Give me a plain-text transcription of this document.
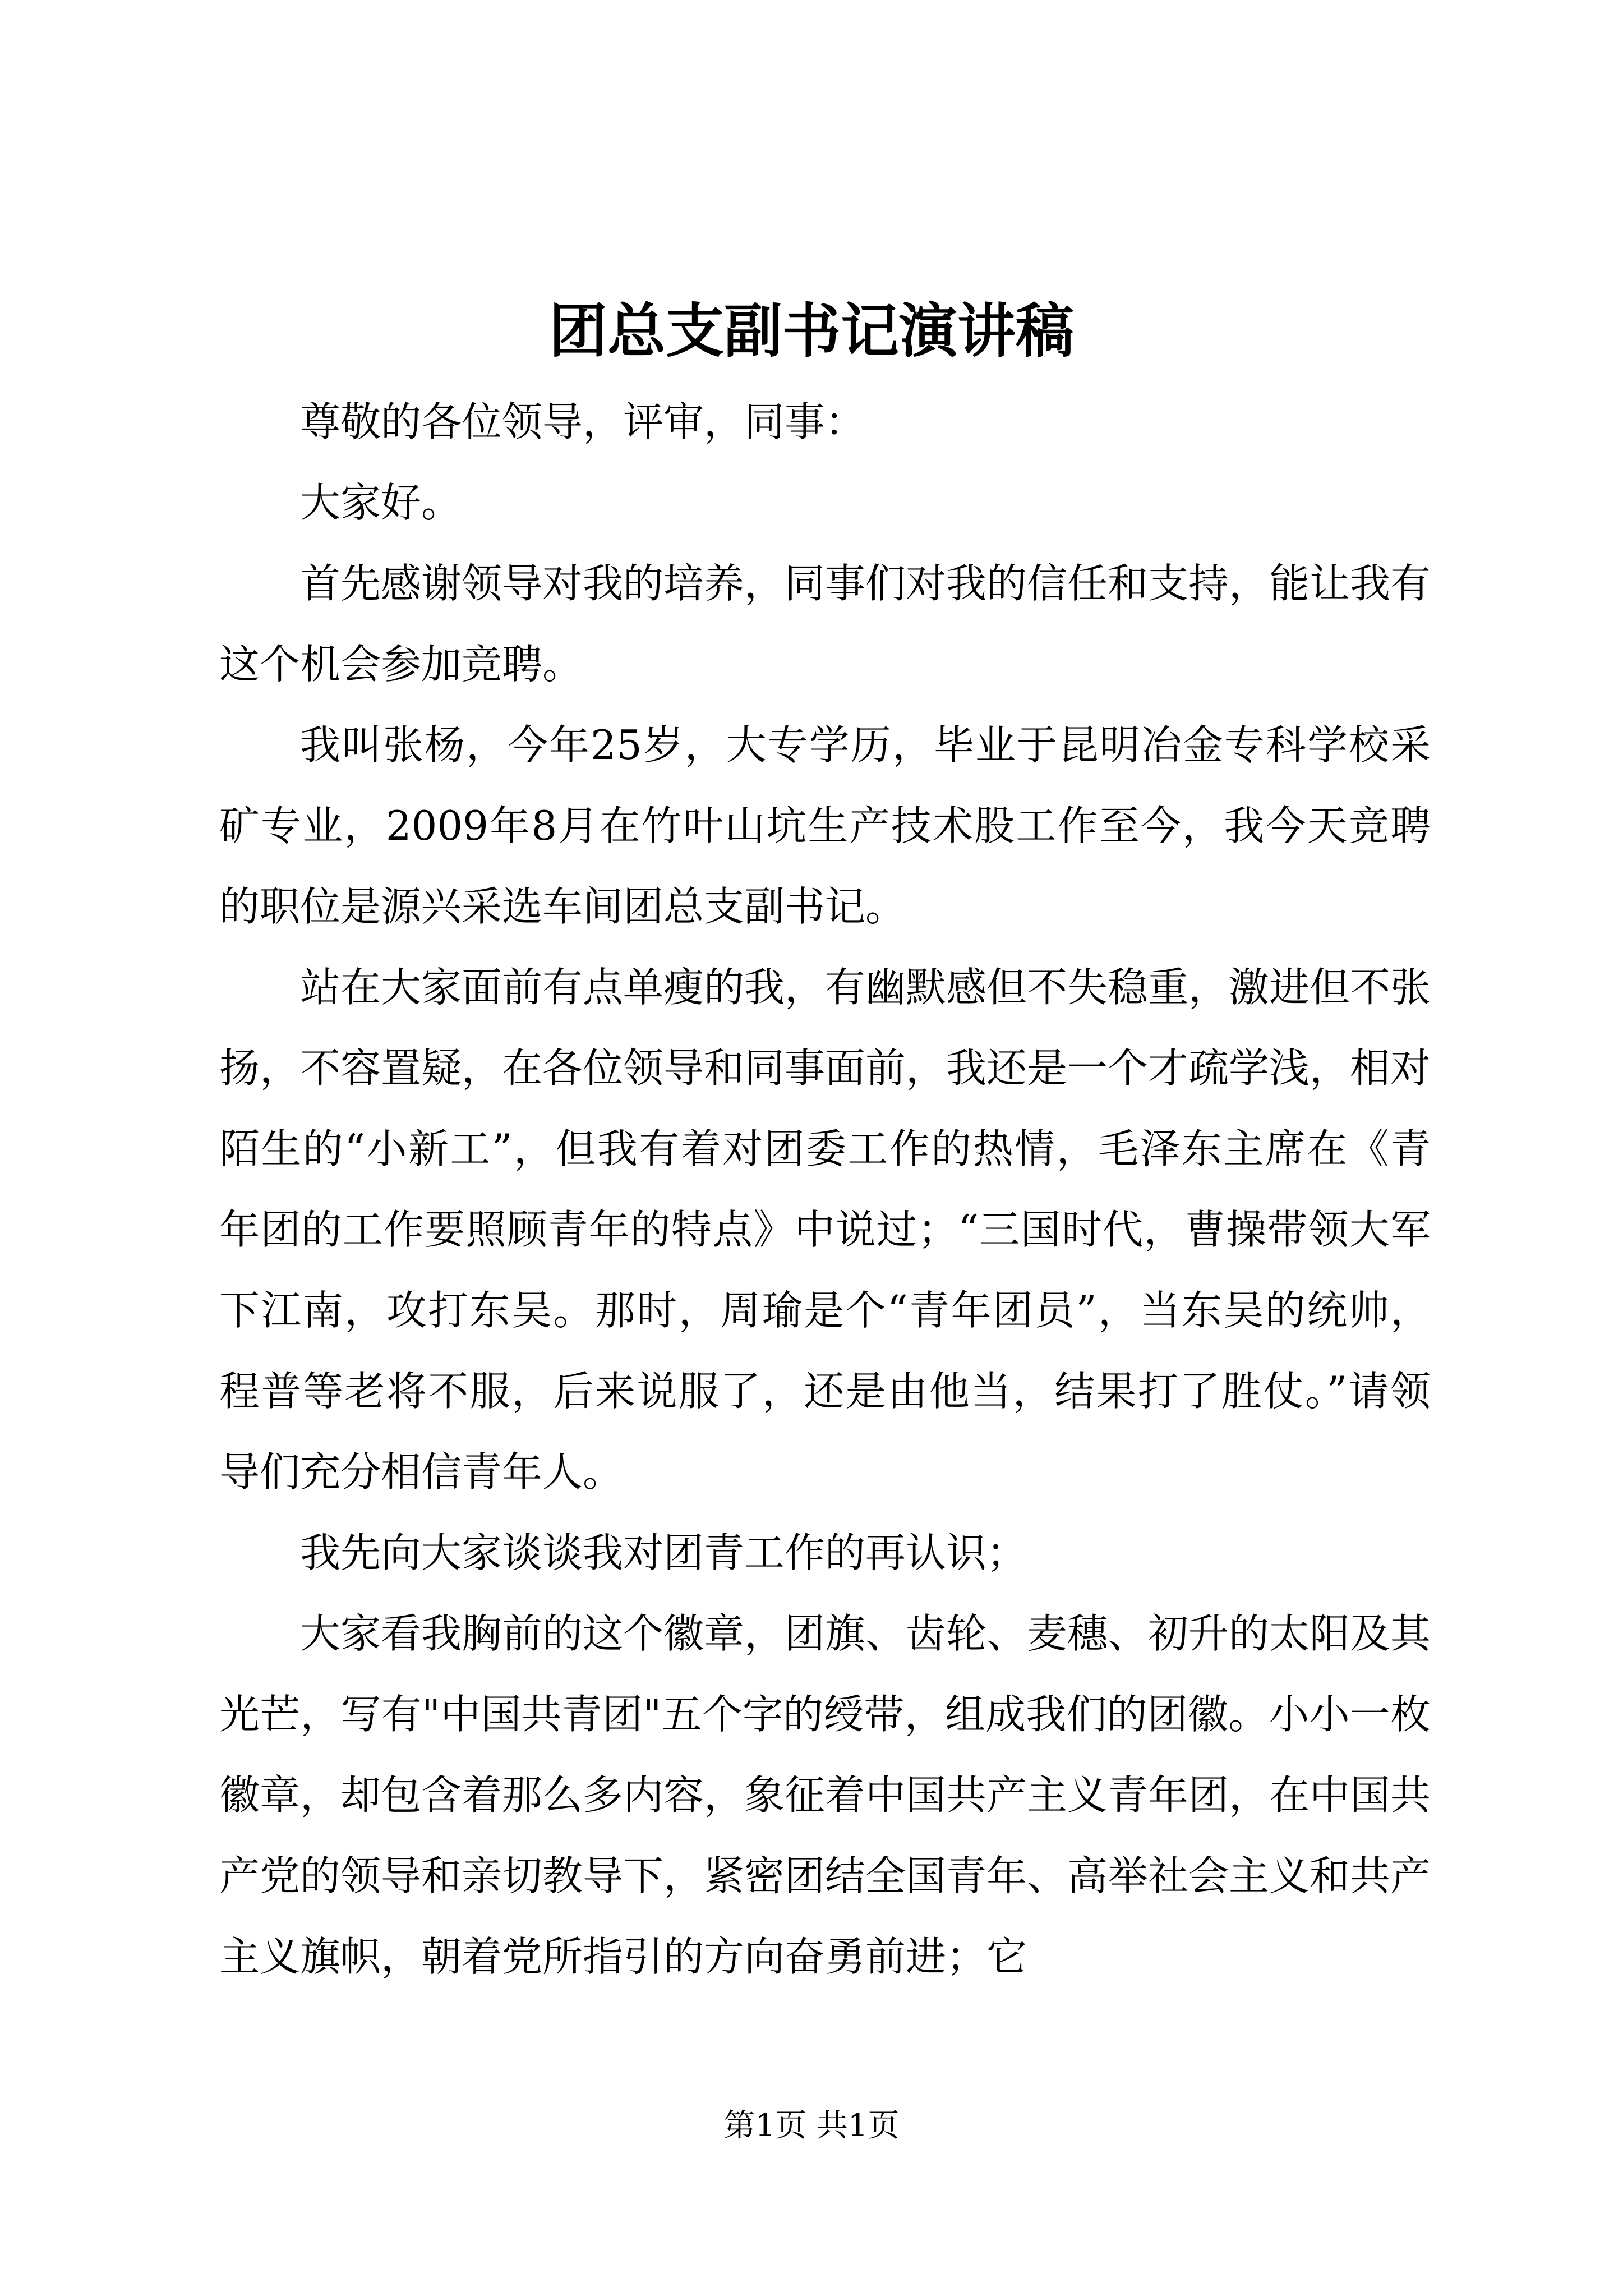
团总支副书记演讲稿

尊敬的各位领导，评审，同事：

大家好。

首先感谢领导对我的培养，同事们对我的信任和支持，能让我有这个机会参加竞聘。

我叫张杨，今年25岁，大专学历，毕业于昆明冶金专科学校采矿专业，2009年8月在竹叶山坑生产技术股工作至今，我今天竞聘的职位是源兴采选车间团总支副书记。

站在大家面前有点单瘦的我，有幽默感但不失稳重，激进但不张扬，不容置疑，在各位领导和同事面前，我还是一个才疏学浅，相对陌生的“小新工”，但我有着对团委工作的热情，毛泽东主席在《青年团的工作要照顾青年的特点》中说过；“三国时代，曹操带领大军下江南，攻打东吴。那时，周瑜是个“青年团员”，当东吴的统帅，程普等老将不服，后来说服了，还是由他当，结果打了胜仗。”请领导们充分相信青年人。

我先向大家谈谈我对团青工作的再认识；

大家看我胸前的这个徽章，团旗、齿轮、麦穗、初升的太阳及其光芒，写有"中国共青团"五个字的绶带，组成我们的团徽。小小一枚徽章，却包含着那么多内容，象征着中国共产主义青年团，在中国共产党的领导和亲切教导下，紧密团结全国青年、高举社会主义和共产主义旗帜，朝着党所指引的方向奋勇前进；它

第1页 共1页
